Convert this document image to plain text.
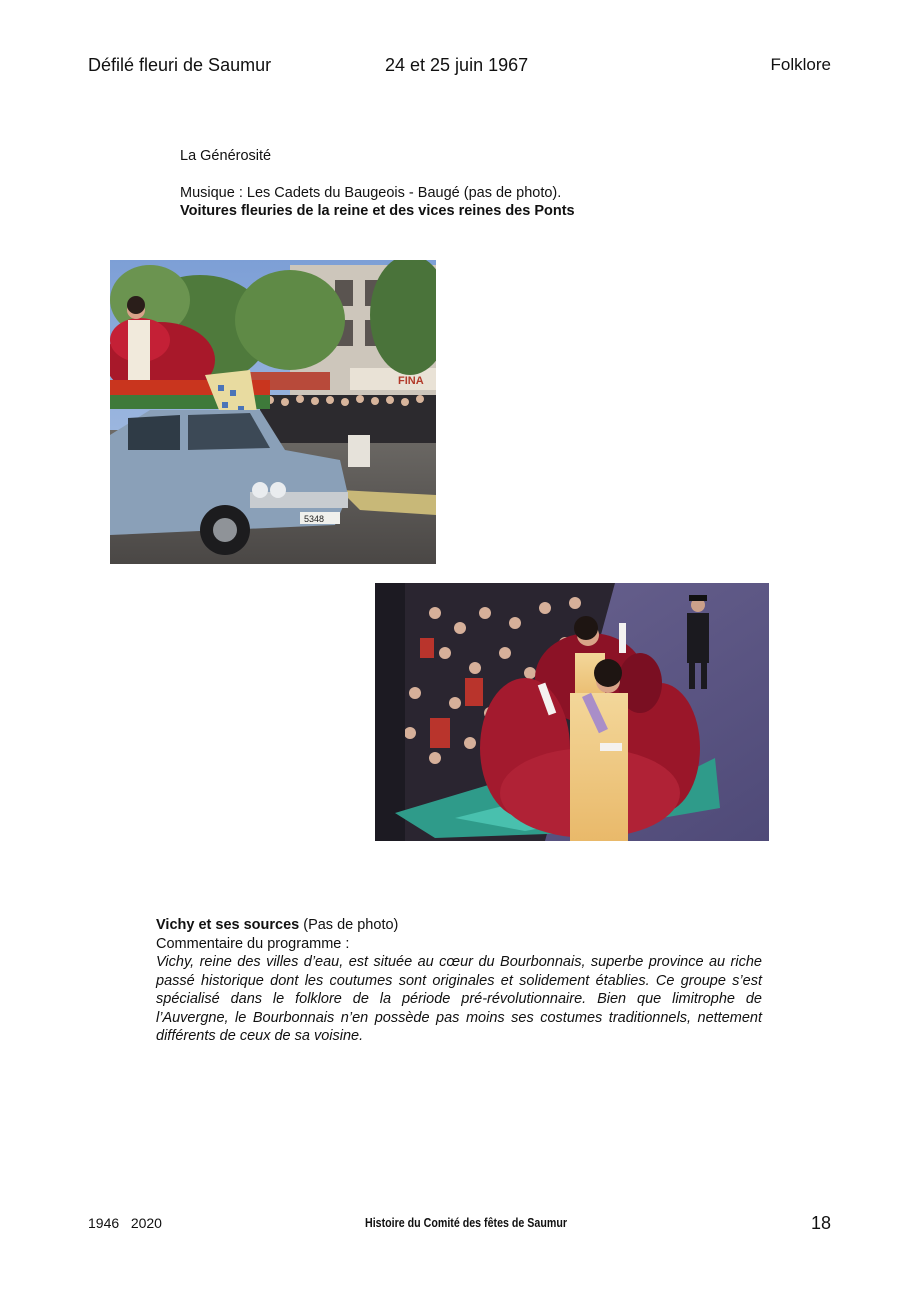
Défilé fleuri de Saumur	24 et 25 juin 1967	Folklore
La Générosité
Musique : Les Cadets du Baugeois - Baugé (pas de photo).
Voitures fleuries de la reine et des vices reines des Ponts
FINA
5348
Vichy et ses sources (Pas de photo)
Commentaire du programme :
Vichy, reine des villes d’eau, est située au cœur du Bourbonnais, superbe province au riche passé historique dont les coutumes sont originales et solidement établies. Ce groupe s’est spécialisé dans le folklore de la période pré-révolutionnaire. Bien que limitrophe de l’Auvergne, le Bourbonnais n’en possède pas moins ses costumes traditionnels, nettement différents de ceux de sa voisine.
1946   2020	Histoire du Comité des fêtes de Saumur	18
